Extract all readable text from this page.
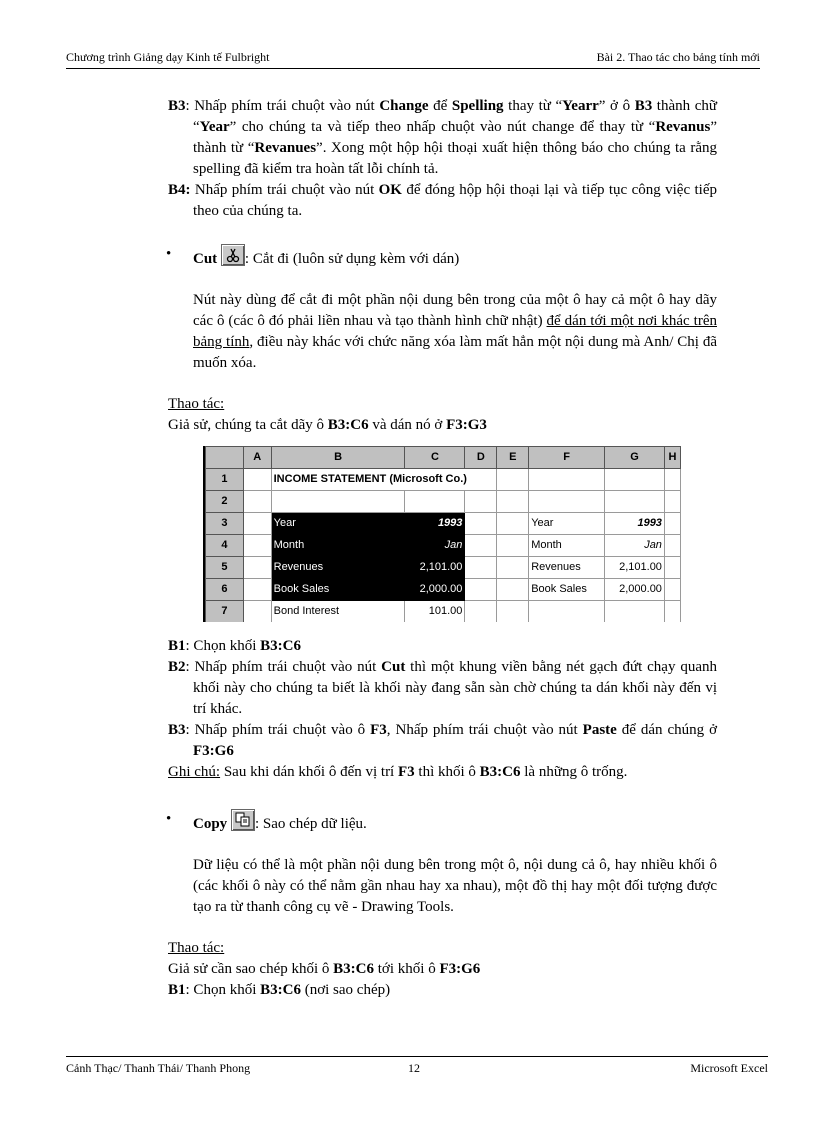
Chương trình Giảng dạy Kinh tế Fulbright	Bài 2. Thao tác cho bảng tính mới

B3: Nhấp phím trái chuột vào nút Change để Spelling thay từ “Yearr” ở ô B3 thành chữ “Year” cho chúng ta và tiếp theo nhấp chuột vào nút change để thay từ “Revanus” thành từ “Revanues”. Xong một hộp hội thoại xuất hiện thông báo cho chúng ta rằng spelling đã kiểm tra hoàn tất lỗi chính tả.

B4: Nhấp phím trái chuột vào nút OK để đóng hộp hội thoại lại và tiếp tục công việc tiếp theo của chúng ta.

• Cut : Cắt đi (luôn sử dụng kèm với dán)

Nút này dùng để cắt đi một phần nội dung bên trong của một ô hay cả một ô hay dãy các ô (các ô đó phải liền nhau và tạo thành hình chữ nhật) để dán tới một nơi khác trên bảng tính, điều này khác với chức năng xóa làm mất hẳn một nội dung mà Anh/ Chị đã muốn xóa.

Thao tác:

Giả sử, chúng ta cắt dãy ô B3:C6 và dán nó ở F3:G3

	A	B	C	D	E	F	G	H
1		INCOME STATEMENT (Microsoft Co.)						
2								
3		Year	1993			Year	1993	
4		Month	Jan			Month	Jan	
5		Revenues	2,101.00			Revenues	2,101.00	
6		Book Sales	2,000.00			Book Sales	2,000.00	
7		Bond Interest	101.00					

B1: Chọn khối B3:C6

B2: Nhấp phím trái chuột vào nút Cut thì một khung viền bằng nét gạch đứt chạy quanh khối này cho chúng ta biết là khối này đang sẵn sàn chờ chúng ta dán khối này đến vị trí khác.

B3: Nhấp phím trái chuột vào ô F3, Nhấp phím trái chuột vào nút Paste để dán chúng ở F3:G6

Ghi chú: Sau khi dán khối ô đến vị trí F3 thì khối ô B3:C6 là những ô trống.

• Copy : Sao chép dữ liệu.

Dữ liệu có thể là một phần nội dung bên trong một ô, nội dung cả ô, hay nhiều khối ô (các khối ô này có thể nằm gần nhau hay xa nhau), một đồ thị hay một đối tượng được tạo ra từ thanh công cụ vẽ - Drawing Tools.

Thao tác:

Giả sử cần sao chép khối ô B3:C6 tới khối ô F3:G6

B1: Chọn khối B3:C6 (nơi sao chép)

Cảnh Thạc/ Thanh Thái/ Thanh Phong	12	Microsoft Excel
